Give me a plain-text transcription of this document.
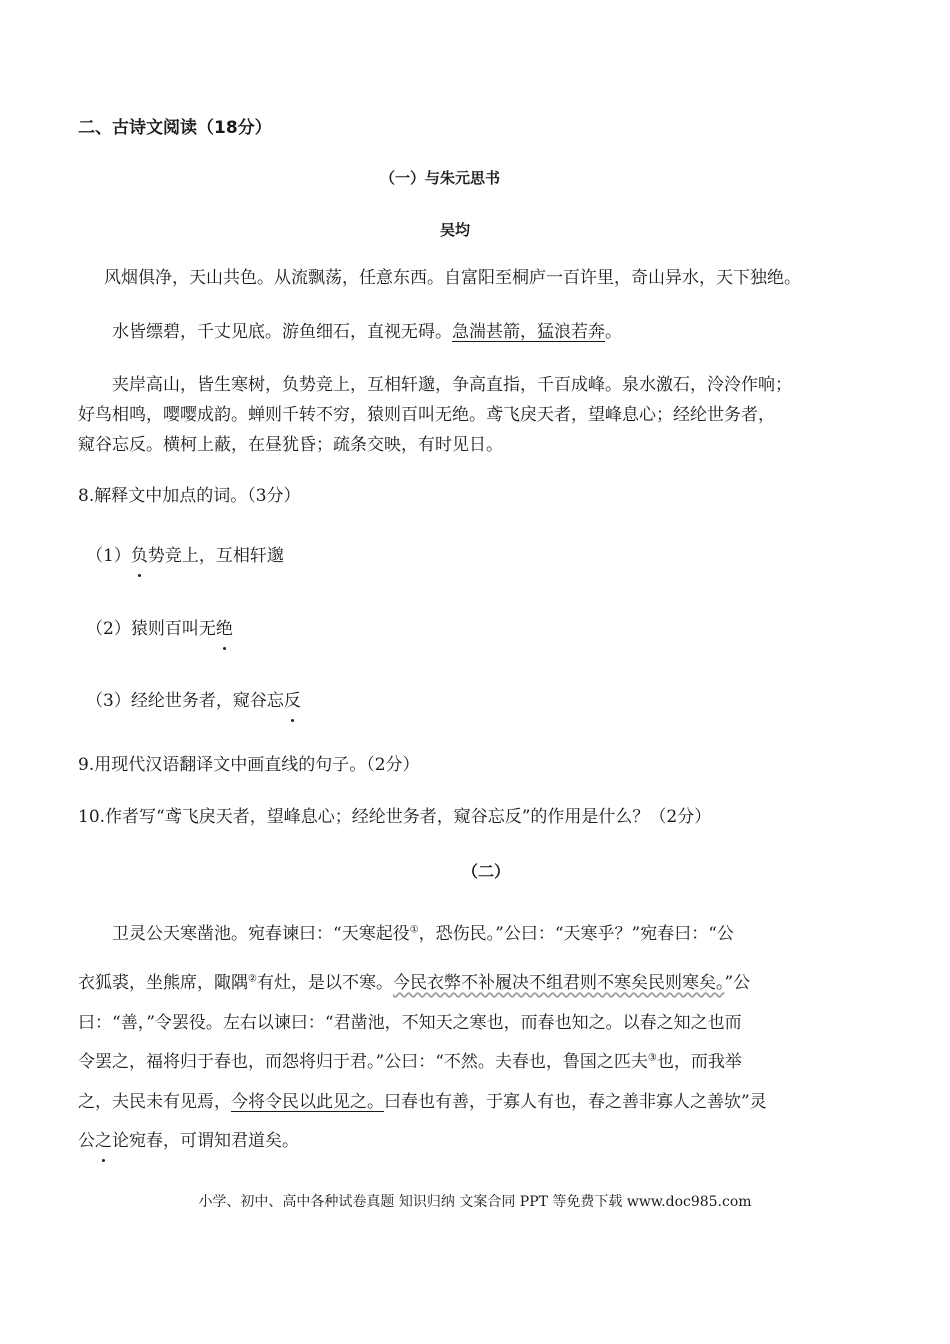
二、古诗文阅读（18分）
（一）与朱元思书
吴均
风烟俱净，天山共色。从流飘荡，任意东西。自富阳至桐庐一百许里，奇山异水，天下独绝。
水皆缥碧，千丈见底。游鱼细石，直视无碍。急湍甚箭，猛浪若奔。
夹岸高山，皆生寒树，负势竞上，互相轩邈，争高直指，千百成峰。泉水激石，泠泠作响；
好鸟相鸣，嘤嘤成韵。蝉则千转不穷，猿则百叫无绝。鸢飞戾天者，望峰息心；经纶世务者，
窥谷忘反。横柯上蔽，在昼犹昏；疏条交映，有时见日。
8.解释文中加点的词。（3分）
（1）负势竞上，互相轩邈
（2）猿则百叫无绝
（3）经纶世务者，窥谷忘反
9.用现代汉语翻译文中画直线的句子。（2分）
10.作者写“鸢飞戾天者，望峰息心；经纶世务者，窥谷忘反”的作用是什么？（2分）
（二）
卫灵公天寒凿池。宛春谏曰：“天寒起役①，恐伤民。”公曰：“天寒乎？”宛春曰：“公
衣狐裘，坐熊席，陬隅②有灶，是以不寒。今民衣弊不补履决不组君则不寒矣民则寒矣。”公
曰：“善，”令罢役。左右以谏曰：“君凿池，不知天之寒也，而春也知之。以春之知之也而
令罢之，福将归于春也，而怨将归于君。”公曰：“不然。夫春也，鲁国之匹夫③也，而我举
之，夫民未有见焉，今将令民以此见之。曰春也有善，于寡人有也，春之善非寡人之善欤”灵
公之论宛春，可谓知君道矣。
小学、初中、高中各种试卷真题 知识归纳 文案合同 PPT 等免费下载 www.doc985.com
